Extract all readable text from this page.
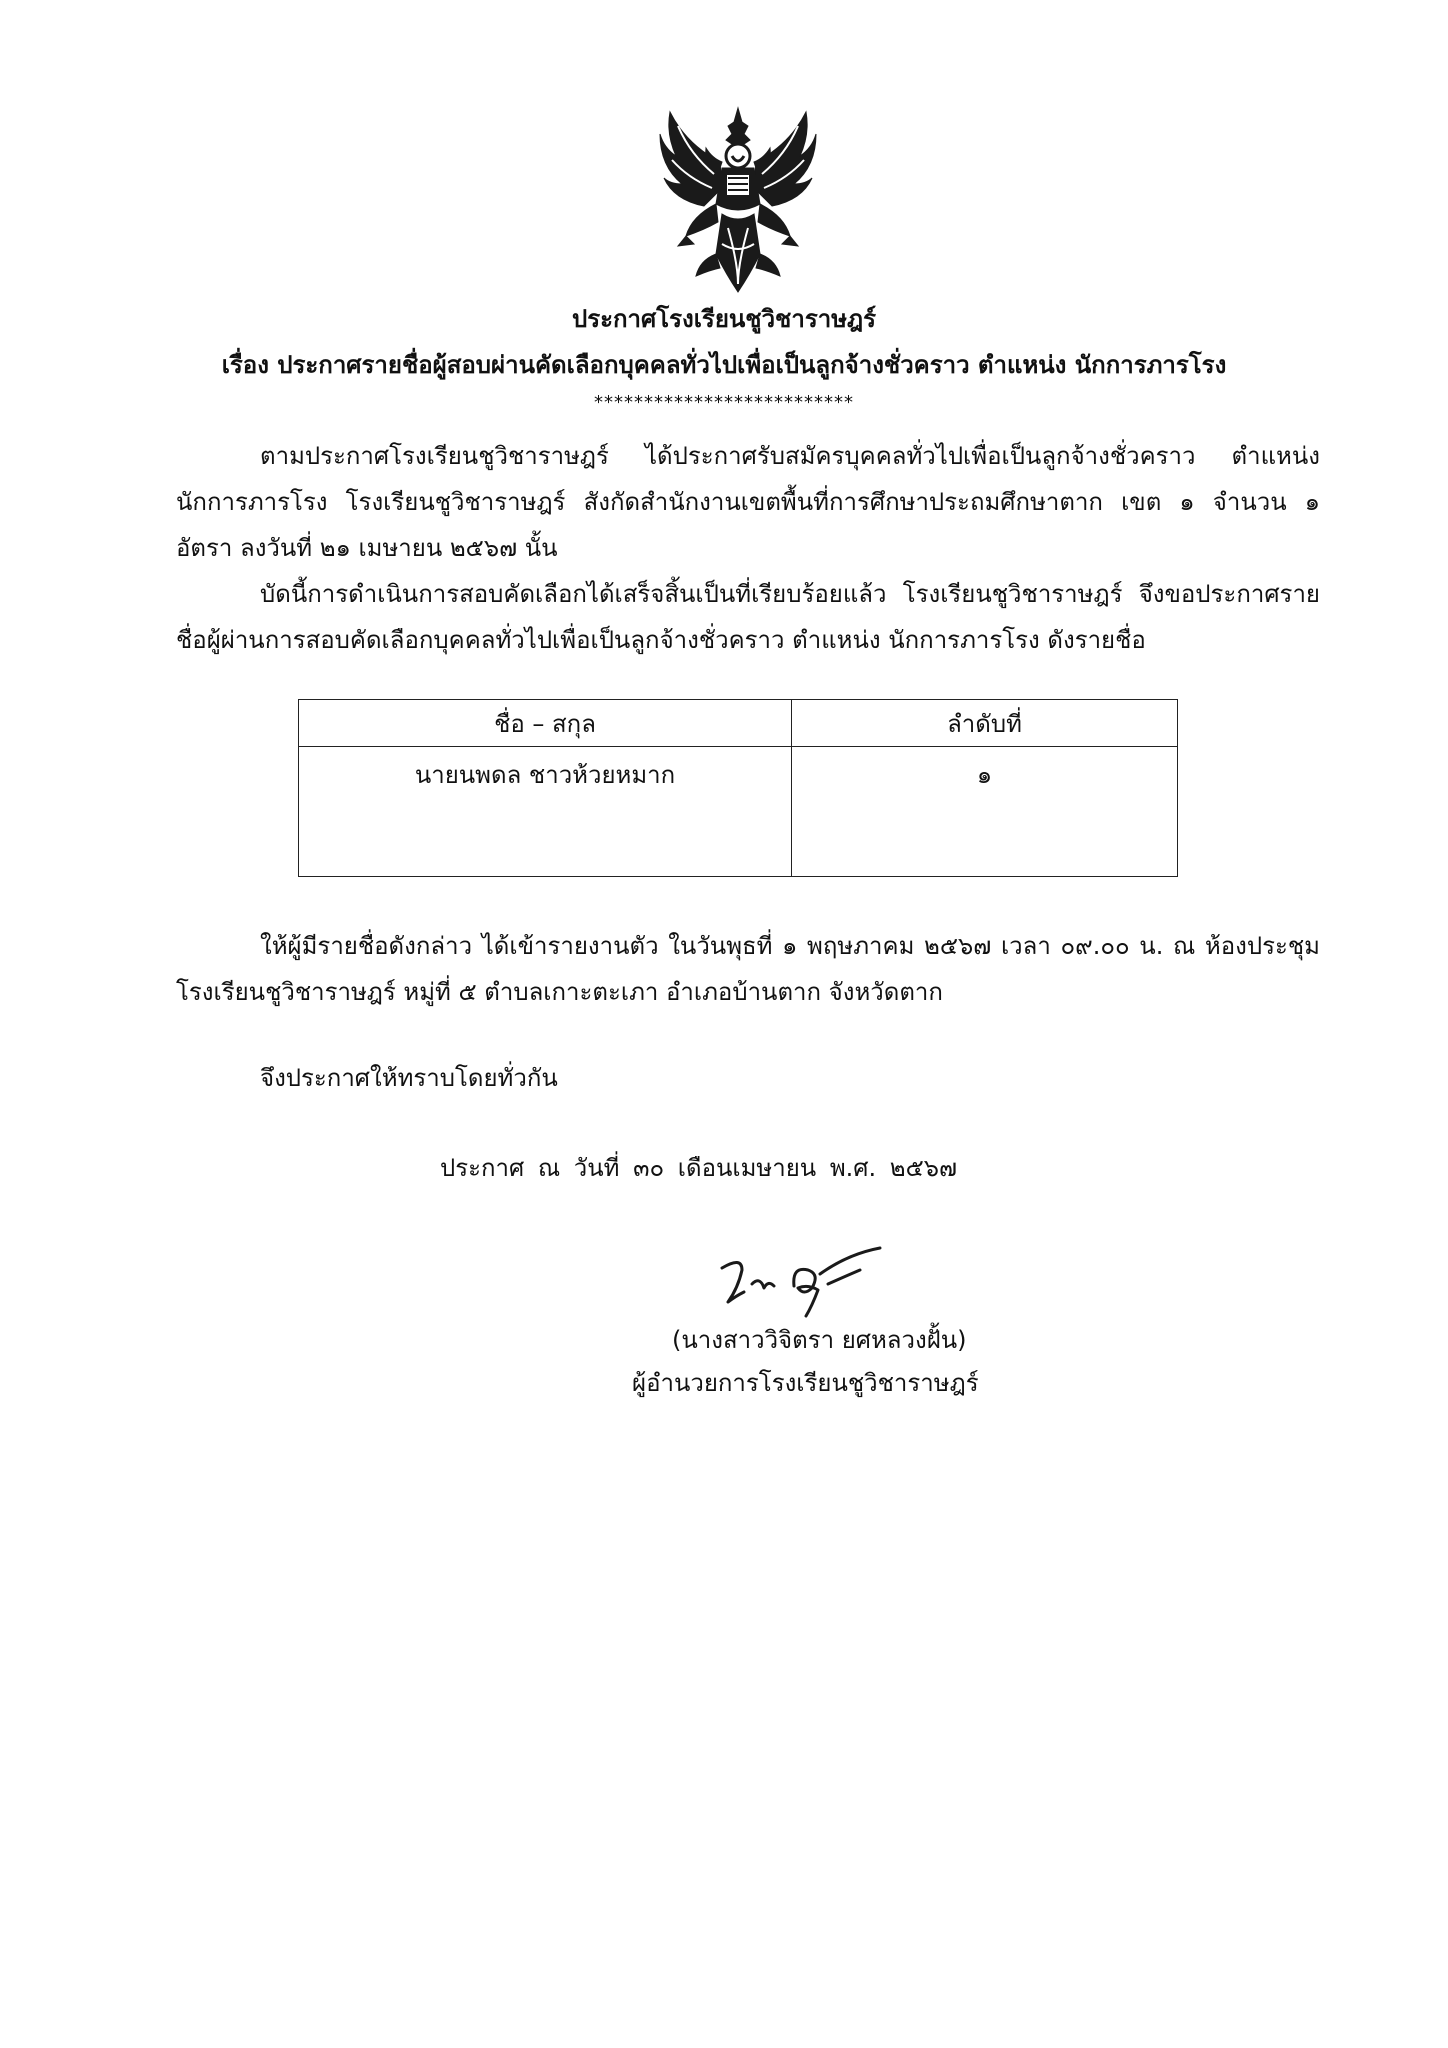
ประกาศโรงเรียนชูวิชาราษฎร์
เรื่อง ประกาศรายชื่อผู้สอบผ่านคัดเลือกบุคคลทั่วไปเพื่อเป็นลูกจ้างชั่วคราว ตำแหน่ง นักการภารโรง
**************************
ตามประกาศโรงเรียนชูวิชาราษฎร์ ได้ประกาศรับสมัครบุคคลทั่วไปเพื่อเป็นลูกจ้างชั่วคราว ตำแหน่ง นักการภารโรง โรงเรียนชูวิชาราษฎร์ สังกัดสำนักงานเขตพื้นที่การศึกษาประถมศึกษาตาก เขต ๑ จำนวน ๑ อัตรา ลงวันที่ ๒๑ เมษายน ๒๕๖๗ นั้น
บัดนี้การดำเนินการสอบคัดเลือกได้เสร็จสิ้นเป็นที่เรียบร้อยแล้ว โรงเรียนชูวิชาราษฎร์ จึงขอประกาศรายชื่อผู้ผ่านการสอบคัดเลือกบุคคลทั่วไปเพื่อเป็นลูกจ้างชั่วคราว ตำแหน่ง นักการภารโรง ดังรายชื่อ
ชื่อ – สกุล	ลำดับที่
นายนพดล ชาวห้วยหมาก	๑
ให้ผู้มีรายชื่อดังกล่าว ได้เข้ารายงานตัว ในวันพุธที่ ๑ พฤษภาคม ๒๕๖๗ เวลา ๐๙.๐๐ น. ณ ห้องประชุมโรงเรียนชูวิชาราษฎร์ หมู่ที่ ๕ ตำบลเกาะตะเภา อำเภอบ้านตาก จังหวัดตาก
จึงประกาศให้ทราบโดยทั่วกัน
ประกาศ ณ วันที่ ๓๐ เดือนเมษายน พ.ศ. ๒๕๖๗
(นางสาววิจิตรา ยศหลวงฝั้น)
ผู้อำนวยการโรงเรียนชูวิชาราษฎร์
